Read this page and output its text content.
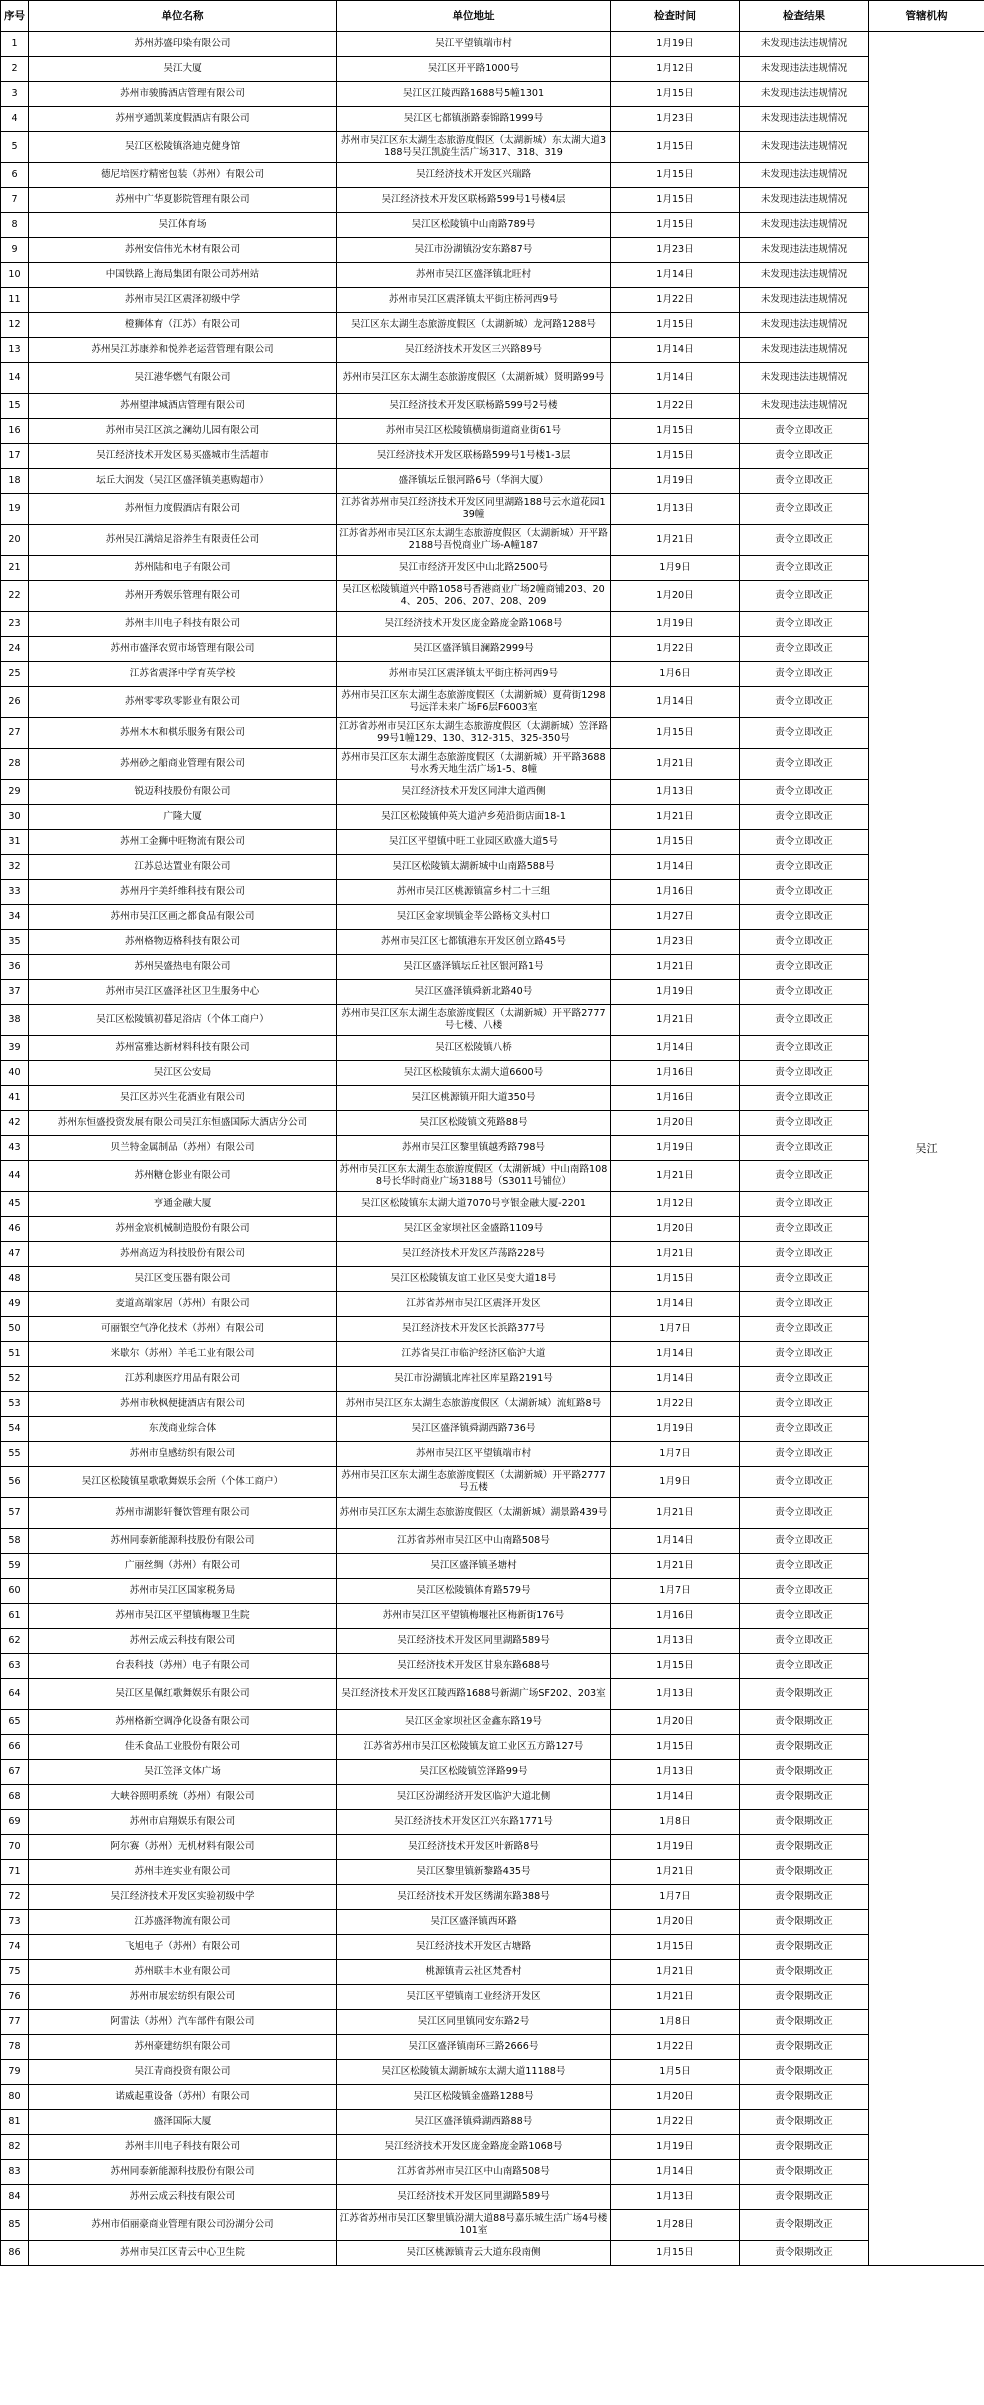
序号	单位名称	单位地址	检查时间	检查结果	管辖机构
1	苏州苏盛印染有限公司	吴江平望镇端市村	1月19日	未发现违法违规情况	吴江
2	吴江大厦	吴江区开平路1000号	1月12日	未发现违法违规情况	
3	苏州市骏腾酒店管理有限公司	吴江区江陵西路1688号5幢1301	1月15日	未发现违法违规情况	
4	苏州亨通凯莱度假酒店有限公司	吴江区七都镇浙路泰锦路1999号	1月23日	未发现违法违规情况	
5	吴江区松陵镇洛迪克健身馆	苏州市吴江区东太湖生态旅游度假区（太湖新城）东太湖大道3188号吴江凯旋生活广场317、318、319	1月15日	未发现违法违规情况	
6	德尼培医疗精密包装（苏州）有限公司	吴江经济技术开发区兴瑞路	1月15日	未发现违法违规情况	
7	苏州中广华夏影院管理有限公司	吴江经济技术开发区联杨路599号1号楼4层	1月15日	未发现违法违规情况	
8	吴江体育场	吴江区松陵镇中山南路789号	1月15日	未发现违法违规情况	
9	苏州安信伟光木材有限公司	吴江市汾湖镇汾安东路87号	1月23日	未发现违法违规情况	
10	中国铁路上海局集团有限公司苏州站	苏州市吴江区盛泽镇北旺村	1月14日	未发现违法违规情况	
11	苏州市吴江区震泽初级中学	苏州市吴江区震泽镇太平街庄桥河西9号	1月22日	未发现违法违规情况	
12	橙狮体育（江苏）有限公司	吴江区东太湖生态旅游度假区（太湖新城）龙河路1288号	1月15日	未发现违法违规情况	
13	苏州吴江苏康养和悦养老运营管理有限公司	吴江经济技术开发区三兴路89号	1月14日	未发现违法违规情况	
14	吴江港华燃气有限公司	苏州市吴江区东太湖生态旅游度假区（太湖新城）贤明路99号	1月14日	未发现违法违规情况	
15	苏州望津城酒店管理有限公司	吴江经济技术开发区联杨路599号2号楼	1月22日	未发现违法违规情况	
16	苏州市吴江区滨之澜幼儿园有限公司	苏州市吴江区松陵镇横扇街道商业街61号	1月15日	责令立即改正	
17	吴江经济技术开发区易买盛城市生活超市	吴江经济技术开发区联杨路599号1号楼1-3层	1月15日	责令立即改正	
18	坛丘大润发（吴江区盛泽镇美惠购超市）	盛泽镇坛丘银河路6号（华润大厦）	1月19日	责令立即改正	
19	苏州恒力度假酒店有限公司	江苏省苏州市吴江经济技术开发区同里湖路188号云水道花园139幢	1月13日	责令立即改正	
20	苏州吴江满焙足浴养生有限责任公司	江苏省苏州市吴江区东太湖生态旅游度假区（太湖新城）开平路2188号吾悦商业广场-A幢187	1月21日	责令立即改正	
21	苏州陆和电子有限公司	吴江市经济开发区中山北路2500号	1月9日	责令立即改正	
22	苏州开秀娱乐管理有限公司	吴江区松陵镇道兴中路1058号香港商业广场2幢商铺203、204、205、206、207、208、209	1月20日	责令立即改正	
23	苏州丰川电子科技有限公司	吴江经济技术开发区庞金路庞金路1068号	1月19日	责令立即改正	
24	苏州市盛泽农贸市场管理有限公司	吴江区盛泽镇目澜路2999号	1月22日	责令立即改正	
25	江苏省震泽中学育英学校	苏州市吴江区震泽镇太平街庄桥河西9号	1月6日	责令立即改正	
26	苏州零零玖零影业有限公司	苏州市吴江区东太湖生态旅游度假区（太湖新城）夏荷街1298号远洋未来广场F6层F6003室	1月14日	责令立即改正	
27	苏州木木和棋乐服务有限公司	江苏省苏州市吴江区东太湖生态旅游度假区（太湖新城）笠泽路99号1幢129、130、312-315、325-350号	1月15日	责令立即改正	
28	苏州砂之船商业管理有限公司	苏州市吴江区东太湖生态旅游度假区（太湖新城）开平路3688号水秀天地生活广场1-5、8幢	1月21日	责令立即改正	
29	锐迈科技股份有限公司	吴江经济技术开发区同津大道西侧	1月13日	责令立即改正	
30	广隆大厦	吴江区松陵镇仲英大道泸乡苑沿街店面18-1	1月21日	责令立即改正	
31	苏州工金狮中旺物流有限公司	吴江区平望镇中旺工业园区欧盛大道5号	1月15日	责令立即改正	
32	江苏总达置业有限公司	吴江区松陵镇太湖新城中山南路588号	1月14日	责令立即改正	
33	苏州丹宇美纤维科技有限公司	苏州市吴江区桃源镇富乡村二十三组	1月16日	责令立即改正	
34	苏州市吴江区画之都食品有限公司	吴江区金家坝镇金莘公路杨文头村口	1月27日	责令立即改正	
35	苏州格物迈格科技有限公司	苏州市吴江区七都镇港东开发区创立路45号	1月23日	责令立即改正	
36	苏州吴盛热电有限公司	吴江区盛泽镇坛丘社区银河路1号	1月21日	责令立即改正	
37	苏州市吴江区盛泽社区卫生服务中心	吴江区盛泽镇舜新北路40号	1月19日	责令立即改正	
38	吴江区松陵镇初暮足浴店（个体工商户）	苏州市吴江区东太湖生态旅游度假区（太湖新城）开平路2777号七楼、八楼	1月21日	责令立即改正	
39	苏州富雅达新材料科技有限公司	吴江区松陵镇八桥	1月14日	责令立即改正	
40	吴江区公安局	吴江区松陵镇东太湖大道6600号	1月16日	责令立即改正	
41	吴江区苏兴生花酒业有限公司	吴江区桃源镇开阳大道350号	1月16日	责令立即改正	
42	苏州东恒盛投资发展有限公司吴江东恒盛国际大酒店分公司	吴江区松陵镇文苑路88号	1月20日	责令立即改正	
43	贝兰特金属制品（苏州）有限公司	苏州市吴江区黎里镇越秀路798号	1月19日	责令立即改正	
44	苏州糖仓影业有限公司	苏州市吴江区东太湖生态旅游度假区（太湖新城）中山南路1088号长华时商业广场3188号（S3011号铺位）	1月21日	责令立即改正	
45	亨通金融大厦	吴江区松陵镇东太湖大道7070号亨银金融大厦-2201	1月12日	责令立即改正	
46	苏州金宸机械制造股份有限公司	吴江区金家坝社区金盛路1109号	1月20日	责令立即改正	
47	苏州高迈为科技股份有限公司	吴江经济技术开发区芦荡路228号	1月21日	责令立即改正	
48	吴江区变压器有限公司	吴江区松陵镇友谊工业区吴变大道18号	1月15日	责令立即改正	
49	麦道高端家居（苏州）有限公司	江苏省苏州市吴江区震泽开发区	1月14日	责令立即改正	
50	可丽银空气净化技术（苏州）有限公司	吴江经济技术开发区长浜路377号	1月7日	责令立即改正	
51	米歇尔（苏州）羊毛工业有限公司	江苏省吴江市临沪经济区临沪大道	1月14日	责令立即改正	
52	江苏利康医疗用品有限公司	吴江市汾湖镇北库社区库星路2191号	1月14日	责令立即改正	
53	苏州市秋枫便捷酒店有限公司	苏州市吴江区东太湖生态旅游度假区（太湖新城）流虹路8号	1月22日	责令立即改正	
54	东茂商业综合体	吴江区盛泽镇舜湖西路736号	1月19日	责令立即改正	
55	苏州市皇感纺织有限公司	苏州市吴江区平望镇端市村	1月7日	责令立即改正	
56	吴江区松陵镇星歌歌舞娱乐会所（个体工商户）	苏州市吴江区东太湖生态旅游度假区（太湖新城）开平路2777号五楼	1月9日	责令立即改正	
57	苏州市湖影轩餐饮管理有限公司	苏州市吴江区东太湖生态旅游度假区（太湖新城）湖景路439号	1月21日	责令立即改正	
58	苏州同泰新能源科技股份有限公司	江苏省苏州市吴江区中山南路508号	1月14日	责令立即改正	
59	广丽丝绸（苏州）有限公司	吴江区盛泽镇圣塘村	1月21日	责令立即改正	
60	苏州市吴江区国家税务局	吴江区松陵镇体育路579号	1月7日	责令立即改正	
61	苏州市吴江区平望镇梅堰卫生院	苏州市吴江区平望镇梅堰社区梅新街176号	1月16日	责令立即改正	
62	苏州云成云科技有限公司	吴江经济技术开发区同里湖路589号	1月13日	责令立即改正	
63	台表科技（苏州）电子有限公司	吴江经济技术开发区甘泉东路688号	1月15日	责令立即改正	
64	吴江区星佩红歌舞娱乐有限公司	吴江经济技术开发区江陵西路1688号新湖广场SF202、203室	1月13日	责令限期改正	
65	苏州格新空调净化设备有限公司	吴江区金家坝社区金鑫东路19号	1月20日	责令限期改正	
66	佳禾食品工业股份有限公司	江苏省苏州市吴江区松陵镇友谊工业区五方路127号	1月15日	责令限期改正	
67	吴江笠泽文体广场	吴江区松陵镇笠泽路99号	1月13日	责令限期改正	
68	大峡谷照明系统（苏州）有限公司	吴江区汾湖经济开发区临沪大道北侧	1月14日	责令限期改正	
69	苏州市启翔娱乐有限公司	吴江经济技术开发区江兴东路1771号	1月8日	责令限期改正	
70	阿尔赛（苏州）无机材料有限公司	吴江经济技术开发区叶新路8号	1月19日	责令限期改正	
71	苏州丰连实业有限公司	吴江区黎里镇新黎路435号	1月21日	责令限期改正	
72	吴江经济技术开发区实验初级中学	吴江经济技术开发区绣湖东路388号	1月7日	责令限期改正	
73	江苏盛泽物流有限公司	吴江区盛泽镇西环路	1月20日	责令限期改正	
74	飞旭电子（苏州）有限公司	吴江经济技术开发区古塘路	1月15日	责令限期改正	
75	苏州联丰木业有限公司	桃源镇青云社区梵香村	1月21日	责令限期改正	
76	苏州市展宏纺织有限公司	吴江区平望镇南工业经济开发区	1月21日	责令限期改正	
77	阿雷法（苏州）汽车部件有限公司	吴江区同里镇同安东路2号	1月8日	责令限期改正	
78	苏州豪建纺织有限公司	吴江区盛泽镇南环三路2666号	1月22日	责令限期改正	
79	吴江青商投资有限公司	吴江区松陵镇太湖新城东太湖大道11188号	1月5日	责令限期改正	
80	诺威起重设备（苏州）有限公司	吴江区松陵镇金盛路1288号	1月20日	责令限期改正	
81	盛泽国际大厦	吴江区盛泽镇舜湖西路88号	1月22日	责令限期改正	
82	苏州丰川电子科技有限公司	吴江经济技术开发区庞金路庞金路1068号	1月19日	责令限期改正	
83	苏州同泰新能源科技股份有限公司	江苏省苏州市吴江区中山南路508号	1月14日	责令限期改正	
84	苏州云成云科技有限公司	吴江经济技术开发区同里湖路589号	1月13日	责令限期改正	
85	苏州市佰丽豪商业管理有限公司汾湖分公司	江苏省苏州市吴江区黎里镇汾湖大道88号嘉乐城生活广场4号楼101室	1月28日	责令限期改正	
86	苏州市吴江区青云中心卫生院	吴江区桃源镇青云大道东段南侧	1月15日	责令限期改正	
